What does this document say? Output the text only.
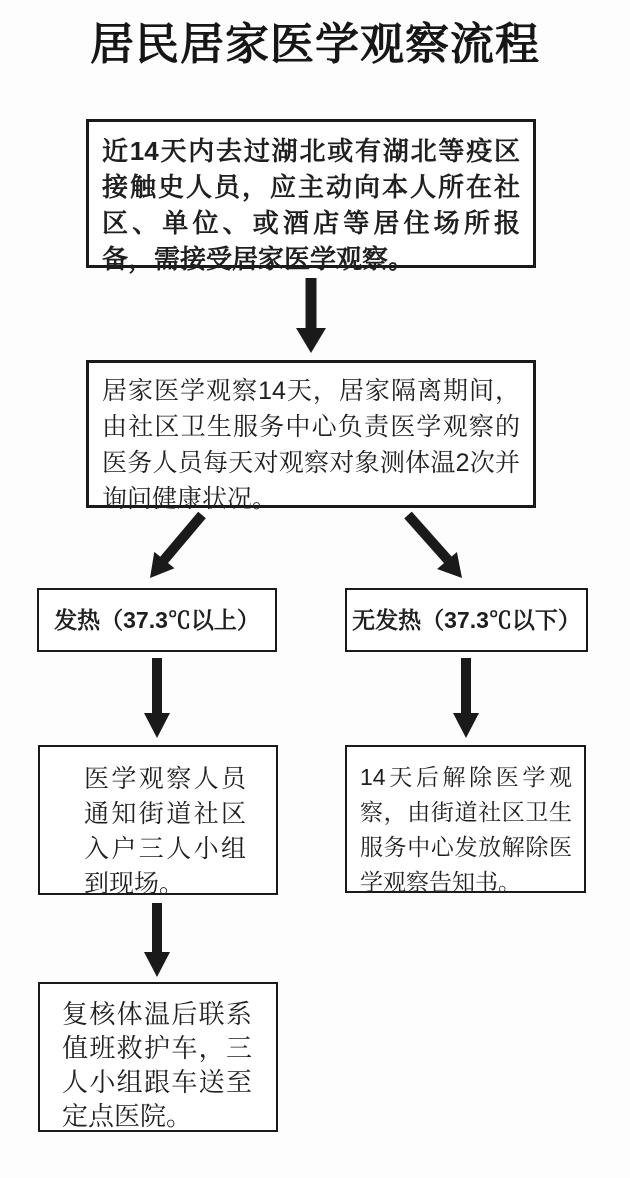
居民居家医学观察流程
近14天内去过湖北或有湖北等疫区
接触史人员，应主动向本人所在社
区、单位、或酒店等居住场所报
备，需接受居家医学观察。
居家医学观察14天，居家隔离期间，
由社区卫生服务中心负责医学观察的
医务人员每天对观察对象测体温2次并
询问健康状况。
发热（37.3℃以上）	无发热（37.3℃以下）
医学观察人员
通知街道社区
入户三人小组
到现场。
14天后解除医学观
察，由街道社区卫生
服务中心发放解除医
学观察告知书。
复核体温后联系
值班救护车，三
人小组跟车送至
定点医院。
